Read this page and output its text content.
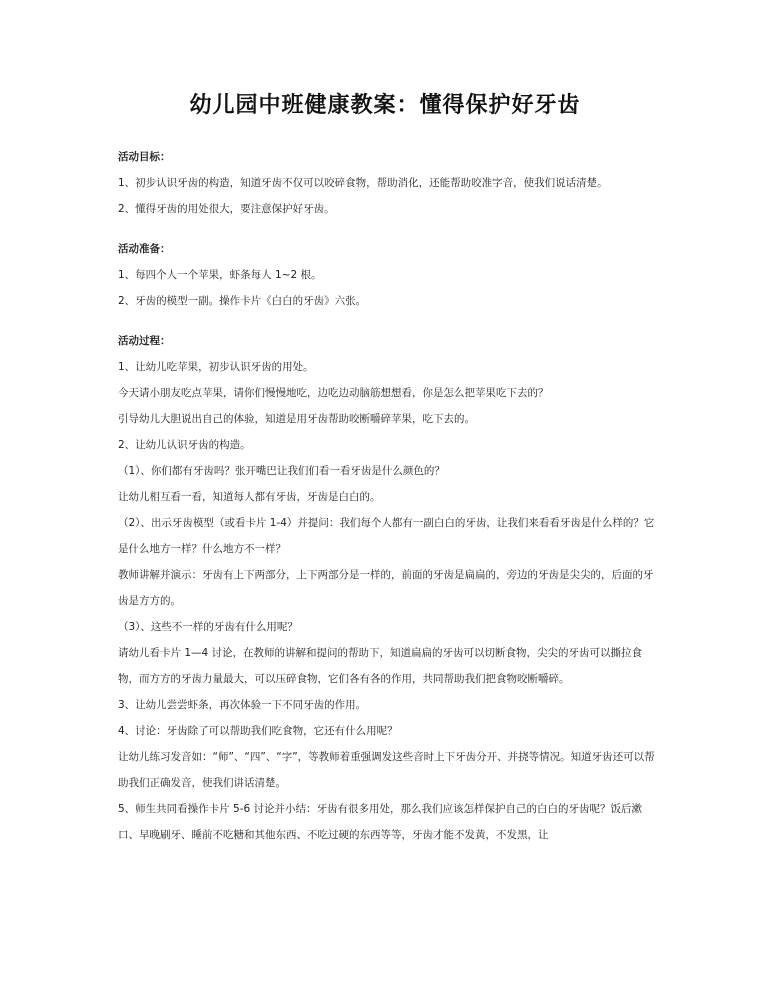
幼儿园中班健康教案：懂得保护好牙齿

活动目标：

1、初步认识牙齿的构造，知道牙齿不仅可以咬碎食物，帮助消化，还能帮助咬准字音，使我们说话清楚。

2、懂得牙齿的用处很大，要注意保护好牙齿。

活动准备：

1、每四个人一个苹果，虾条每人 1~2 根。

2、牙齿的模型一副。操作卡片《白白的牙齿》六张。

活动过程：

1、让幼儿吃苹果，初步认识牙齿的用处。

今天请小朋友吃点苹果，请你们慢慢地吃，边吃边动脑筋想想看，你是怎么把苹果吃下去的？

引导幼儿大胆说出自己的体验，知道是用牙齿帮助咬断嚼碎苹果，吃下去的。

2、让幼儿认识牙齿的构造。

（1）、你们都有牙齿吗？张开嘴巴让我们们看一看牙齿是什么颜色的？

让幼儿相互看一看，知道每人都有牙齿，牙齿是白白的。

（2）、出示牙齿模型（或看卡片 1-4）并提问：我们每个人都有一副白白的牙齿，让我们来看看牙齿是什么样的？它是什么地方一样？什么地方不一样？

教师讲解并演示：牙齿有上下两部分，上下两部分是一样的，前面的牙齿是扁扁的，旁边的牙齿是尖尖的，后面的牙齿是方方的。

（3）、这些不一样的牙齿有什么用呢？

请幼儿看卡片 1—4 讨论，在教师的讲解和提问的帮助下，知道扁扁的牙齿可以切断食物，尖尖的牙齿可以撕拉食物，而方方的牙齿力量最大，可以压碎食物，它们各有各的作用，共同帮助我们把食物咬断嚼碎。

3、让幼儿尝尝虾条，再次体验一下不同牙齿的作用。

4、讨论：牙齿除了可以帮助我们吃食物，它还有什么用呢？

让幼儿练习发音如：“师”、“四”、“字”，等教师着重强调发这些音时上下牙齿分开、并挠等情况。知道牙齿还可以帮助我们正确发音，使我们讲话清楚。

5、师生共同看操作卡片 5-6 讨论并小结：牙齿有很多用处，那么我们应该怎样保护自己的白白的牙齿呢？饭后漱口、早晚刷牙、睡前不吃糖和其他东西、不吃过硬的东西等等，牙齿才能不发黄，不发黑，让
